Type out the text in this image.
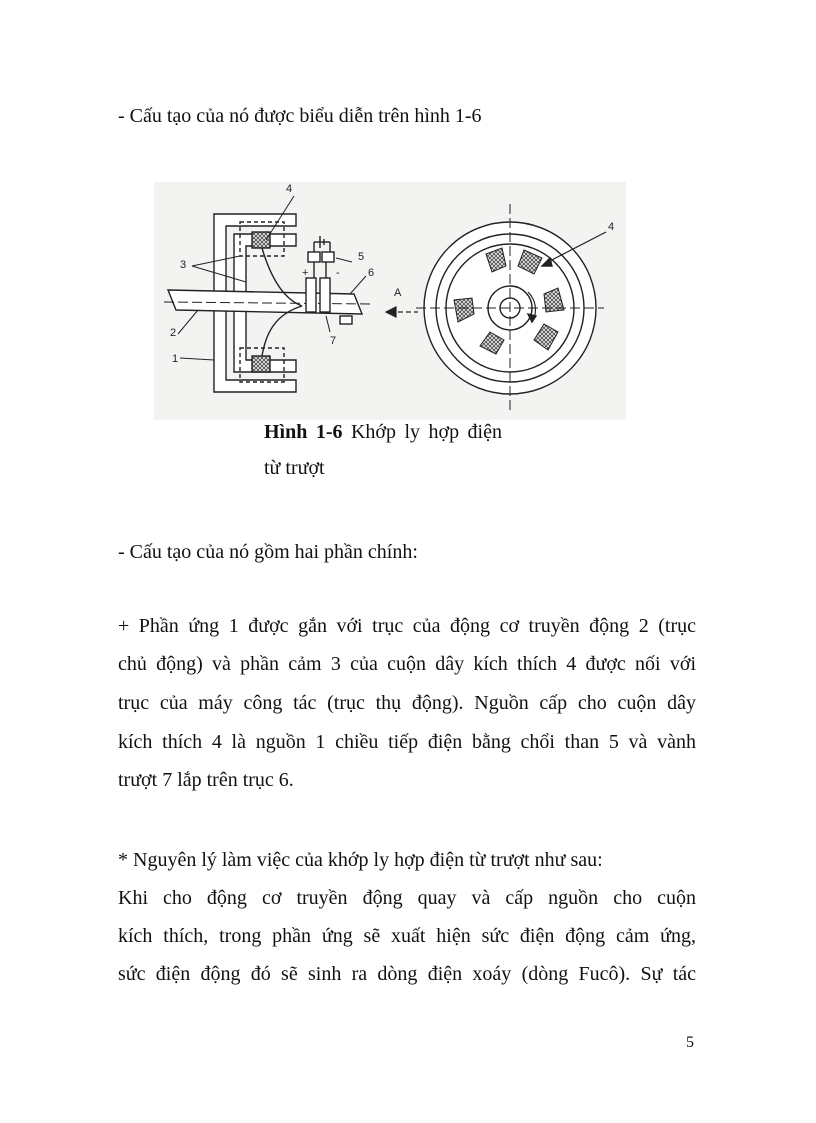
- Cấu tạo của nó được biểu diễn trên hình 1-6
4
3
5
6
7
2
1
+	-
A
4
Hình 1-6 Khớp ly hợp điện
từ trượt
- Cấu tạo của nó gồm hai phần chính:
+ Phần ứng 1 được gắn với trục của động cơ truyền động 2 (trục
chủ động) và phần cảm 3 của cuộn dây kích thích 4 được nối với
trục của máy công tác (trục thụ động). Nguồn cấp cho cuộn dây
kích thích 4 là nguồn 1 chiều tiếp điện bằng chổi than 5 và vành
trượt 7 lắp trên trục 6.
* Nguyên lý làm việc của khớp ly hợp điện từ trượt như sau:
Khi cho động cơ truyền động quay và cấp nguồn cho cuộn
kích thích, trong phần ứng sẽ xuất hiện sức điện động cảm ứng,
sức điện động đó sẽ sinh ra dòng điện xoáy (dòng Fucô). Sự tác
5
